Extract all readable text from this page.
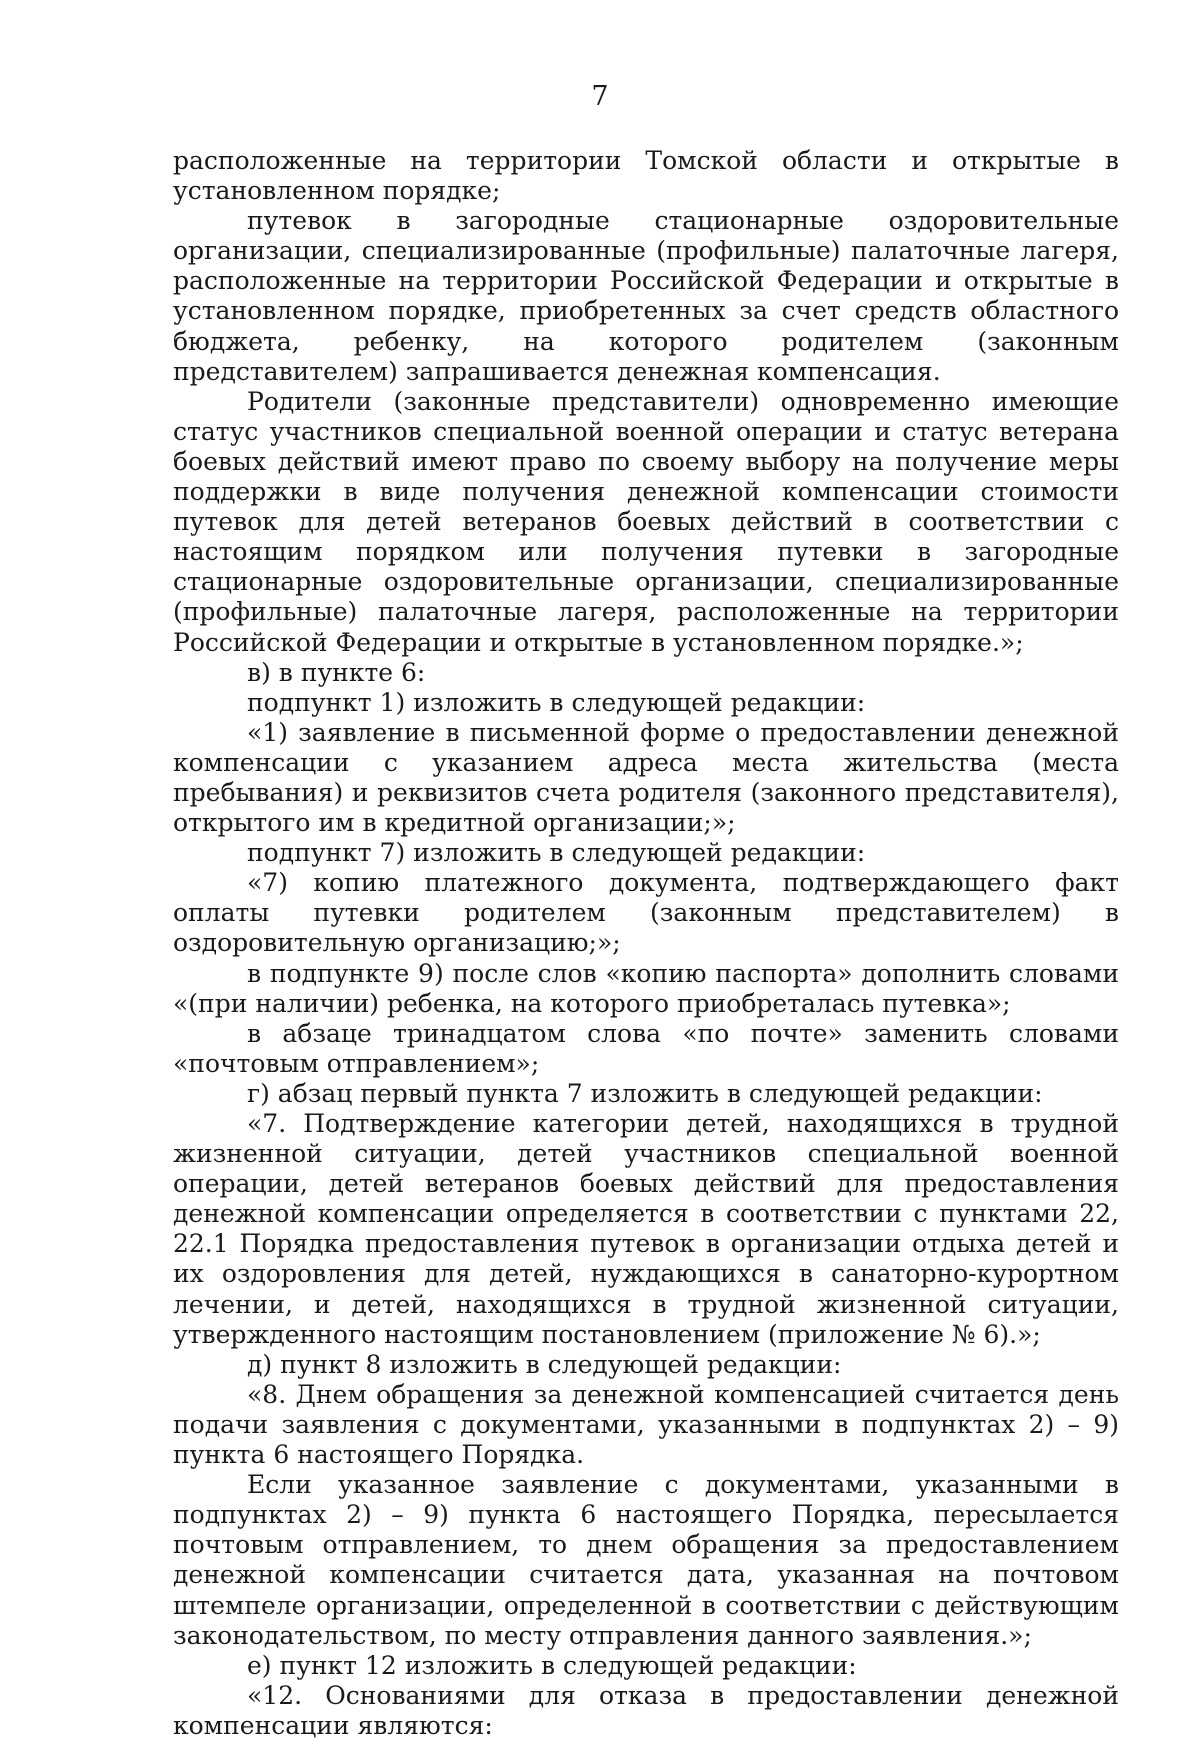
7

расположенные на территории Томской области и открытые в установленном порядке;

путевок в загородные стационарные оздоровительные организации, специализированные (профильные) палаточные лагеря, расположенные на территории Российской Федерации и открытые в установленном порядке, приобретенных за счет средств областного бюджета, ребенку, на которого родителем (законным представителем) запрашивается денежная компенсация.

Родители (законные представители) одновременно имеющие статус участников специальной военной операции и статус ветерана боевых действий имеют право по своему выбору на получение меры поддержки в виде получения денежной компенсации стоимости путевок для детей ветеранов боевых действий в соответствии с настоящим порядком или получения путевки в загородные стационарные оздоровительные организации, специализированные (профильные) палаточные лагеря, расположенные на территории Российской Федерации и открытые в установленном порядке.»;

в) в пункте 6:

подпункт 1) изложить в следующей редакции:

«1) заявление в письменной форме о предоставлении денежной компенсации с указанием адреса места жительства (места пребывания) и реквизитов счета родителя (законного представителя), открытого им в кредитной организации;»;

подпункт 7) изложить в следующей редакции:

«7) копию платежного документа, подтверждающего факт оплаты путевки родителем (законным представителем) в оздоровительную организацию;»;

в подпункте 9) после слов «копию паспорта» дополнить словами «(при наличии) ребенка, на которого приобреталась путевка»;

в абзаце тринадцатом слова «по почте» заменить словами «почтовым отправлением»;

г) абзац первый пункта 7 изложить в следующей редакции:

«7. Подтверждение категории детей, находящихся в трудной жизненной ситуации, детей участников специальной военной операции, детей ветеранов боевых действий для предоставления денежной компенсации определяется в соответствии с пунктами 22, 22.1 Порядка предоставления путевок в организации отдыха детей и их оздоровления для детей, нуждающихся в санаторно-курортном лечении, и детей, находящихся в трудной жизненной ситуации, утвержденного настоящим постановлением (приложение № 6).»;

д) пункт 8 изложить в следующей редакции:

«8. Днем обращения за денежной компенсацией считается день подачи заявления с документами, указанными в подпунктах 2) – 9) пункта 6 настоящего Порядка.

Если указанное заявление с документами, указанными в подпунктах 2) – 9) пункта 6 настоящего Порядка, пересылается почтовым отправлением, то днем обращения за предоставлением денежной компенсации считается дата, указанная на почтовом штемпеле организации, определенной в соответствии с действующим законодательством, по месту отправления данного заявления.»;

е) пункт 12 изложить в следующей редакции:

«12. Основаниями для отказа в предоставлении денежной компенсации являются:
